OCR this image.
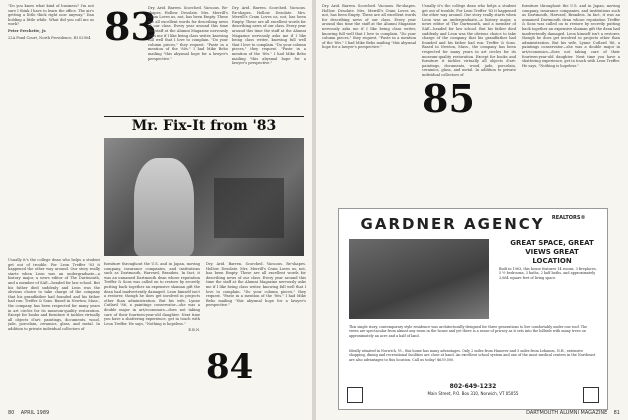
"Do you know what kind of business? I'm not sure I think I have to learn the office. The air's getting a little thick right now anyway." Dan holding a little while. What did you call me as work?

Peter Frechette, Jr.

22A Pond Court, North Providence, RI 02904 83

Dry. Arid. Barren. Scorched. Vacuous. Re-shapes. Hollow. Desolate. Mrs. Merrill's Cram Loves us, not, has been Empty. These are all excellent words for describing news of our class. Every year around this time the staff at the Alumni Magazine nervously asks me if I like being class writer, knowing full well that I love to complain. "Do your column pieces," they request. "Paste in a mention of the '80s." I had Mike Bebo mailing "this abysmal hope for a lawyer's perspective."

Dry. Arid. Barren. Scorched. Vacuous. Re-shapes. Hollow. Desolate. Mrs. Merrill's Cram Loves us, not, has been Empty. These are all excellent words for describing news of our class. Every year around this time the staff at the Alumni Magazine nervously asks me if I like being class writer, knowing full well that I love to complain. "Do your column pieces," they request. "Paste in a mention of the '80s." I had Mike Bebo mailing "this abysmal hope for a lawyer's perspective."

Mr. Fix-It from '83

Usually it's the college dean who helps a student get out of trouble. For Leon Treffer '83 it happened the other way around. Our story really starts when Leon was an undergraduate—a history major, a news editor of The Dartmouth, and a member of SAE—headed for law school. But his father died suddenly and Leon was the obvious choice to take charge of the company that his grandfather had founded and his father had run: Treffer & Sons. Based in Newton, Mass., the company has been respected for many years in art circles for its museum-quality restoration. Except for books and furniture it tackles virtually all objects d'art: paintings, documents, wood, jade, porcelain, ceramics, glass, and metal. In addition to private individual collectors of

furniture throughout the U.S. and in Japan, moving company, insurance companies, and institutions such as Dartmouth, Harvard, Brandeis. In fact, it was an unnamed Dartmouth dean whose reputation Treffer & Sons was called on to restore by secretly putting back together an expensive shaman gift the dean had inadvertently damaged. Leon himself isn't a restorer, though he does get involved in projects other than administration. But his wife, Lynne Cutlard '86, a paintings conservator—she was a double major in art/economics—does not taking care of their fourteen-year-old daughter. Next time you have a shattering experience, get in touch with Leon Treffer. He says, "Nothing is hopeless."

E.B.N.

84

Dry. Arid. Barren. Scorched. Vacuous. Re-shapes. Hollow. Desolate. Mrs. Merrill's Cram Loves us, not, has been Empty. These are all excellent words for describing news of our class. Every year around this time the staff at the Alumni Magazine nervously asks me if I like being class writer, knowing full well that I love to complain. "Do your column pieces," they request. "Paste in a mention of the '80s." I had Mike Bebo mailing "this abysmal hope for a lawyer's perspective."

80 APRIL 1989

Dry. Arid. Barren. Scorched. Vacuous. Re-shapes. Hollow. Desolate. Mrs. Merrill's Cram Loves us, not, has been Empty. These are all excellent words for describing news of our class. Every year around this time the staff at the Alumni Magazine nervously asks me if I like being class writer, knowing full well that I love to complain. "Do your column pieces," they request. "Paste in a mention of the '80s." I had Mike Bebo mailing "this abysmal hope for a lawyer's perspective."

Usually it's the college dean who helps a student get out of trouble. For Leon Treffer '83 it happened the other way around. Our story really starts when Leon was an undergraduate—a history major, a news editor of The Dartmouth, and a member of SAE—headed for law school. But his father died suddenly and Leon was the obvious choice to take charge of the company that his grandfather had founded and his father had run: Treffer & Sons. Based in Newton, Mass., the company has been respected for many years in art circles for its museum-quality restoration. Except for books and furniture it tackles virtually all objects d'art: paintings, documents, wood, jade, porcelain, ceramics, glass, and metal. In addition to private individual collectors of

85

furniture throughout the U.S. and in Japan, moving company, insurance companies, and institutions such as Dartmouth, Harvard, Brandeis. In fact, it was an unnamed Dartmouth dean whose reputation Treffer & Sons was called on to restore by secretly putting back together an expensive shaman gift the dean had inadvertently damaged. Leon himself isn't a restorer, though he does get involved in projects other than administration. But his wife, Lynne Cutlard '86, a paintings conservator—she was a double major in art/economics—does not taking care of their fourteen-year-old daughter. Next time you have a shattering experience, get in touch with Leon Treffer. He says, "Nothing is hopeless."

DARTMOUTH ALUMNI MAGAZINE 81
GARDNER AGENCY $^{REALTORS®}$
GREAT SPACE, GREAT VIEWS GREAT LOCATION
Built in 1963, this house features 14 rooms, 3 fireplaces, 5 ½ bedrooms, 3 baths, 2 half baths, and approximately 3,664 square feet of living space.
This single story, contemporary style residence was architecturally-designed for three generations to live comfortably under one roof. The views are spectacular from almost any room in the house and yet there is a sense of privacy as it sets into the hillside with many trees on approximately an acre and a half of land.
Ideally situated in Norwich, Vt., this home has many advantages. Only 2 miles from Hanover and 5 miles from Lebanon, N.H., extensive shopping, dining and recreational facilities are close at hand. An excellent school system and one of the most medical centers in the Northeast are also advantages to this location. Call us today! $639,500.
802-649-1232
Main Street, P.O. Box 310, Norwich, VT 05055
